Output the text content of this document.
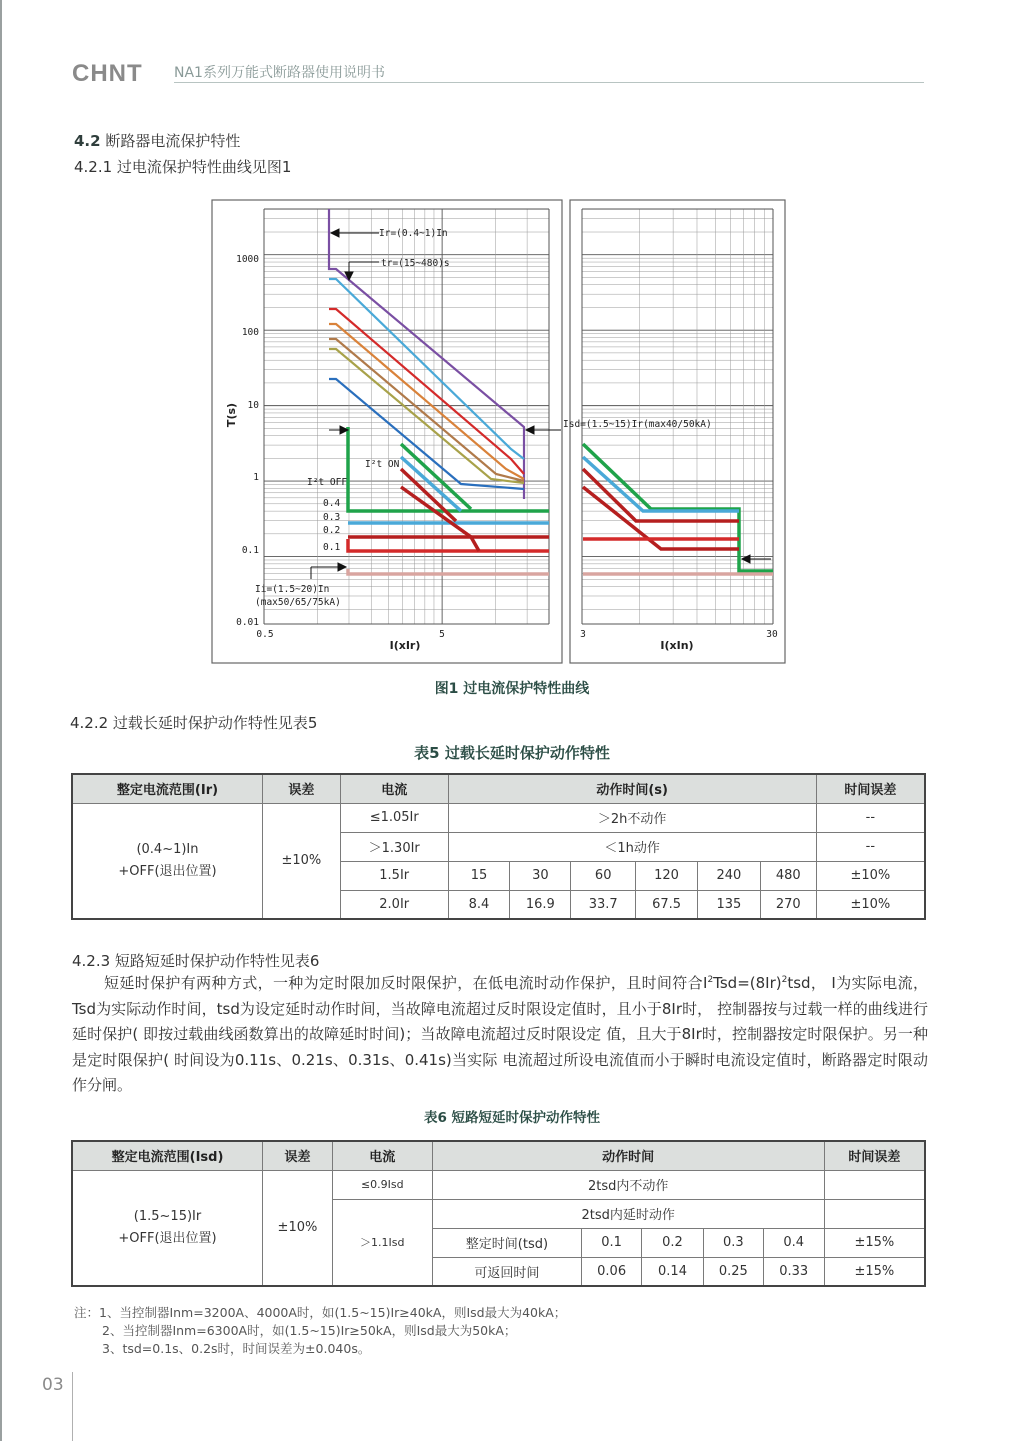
CHNT NA1系列万能式断路器使用说明书
4.2 断路器电流保护特性
4.2.1 过电流保护特性曲线见图1
Ir=(0.4~1)In
tr=(15~480)s
Isd=(1.5~15)Ir(max40/50kA)
I²t ON
I²t OFF
Ii=(1.5~20)In
(max50/65/75kA)
0.4
0.3
0.2
0.1
1000
100
10
1
0.1
0.01
0.5	5	3	30
I(xIr)	I(xIn)
T(s)
图1 过电流保护特性曲线
4.2.2 过载长延时保护动作特性见表5
表5 过载长延时保护动作特性
整定电流范围(Ir)	误差	电流	动作时间(s)						时间误差

(0.4~1)In
+OFF(退出位置)	±10%	≤1.05Ir	＞2h不动作						--
		＞1.30Ir	＜1h动作						--
		1.5Ir	15	30	60	120	240	480	±10%
		2.0Ir	8.4	16.9	33.7	67.5	135	270	±10%
4.2.3 短路短延时保护动作特性见表6
短延时保护有两种方式，一种为定时限加反时限保护，在低电流时动作保护，且时间符合$I^2Tsd=(8Ir)^2tsd$， I为实际电流，Tsd为实际动作时间，tsd为设定延时动作时间，当故障电流超过反时限设定值时，且小于8Ir时， 控制器按与过载一样的曲线进行延时保护( 即按过载曲线函数算出的故障延时时间)；当故障电流超过反时限设定 值，且大于8Ir时，控制器按定时限保护。另一种是定时限保护( 时间设为0.11s、0.21s、0.31s、0.41s)当实际 电流超过所设电流值而小于瞬时电流设定值时，断路器定时限动作分闸。
表6 短路短延时保护动作特性
整定电流范围(Isd)	误差	电流	动作时间					时间误差

(1.5~15)Ir
+OFF(退出位置)	±10%	≤0.9Isd	2tsd内不动作					
		＞1.1Isd	2tsd内延时动作					
			整定时间(tsd)	0.1	0.2	0.3	0.4	±15%
			可返回时间	0.06	0.14	0.25	0.33	±15%
注：1、当控制器Inm=3200A、4000A时，如(1.5~15)Ir≥40kA，则Isd最大为40kA；
2、当控制器Inm=6300A时，如(1.5~15)Ir≥50kA，则Isd最大为50kA；
3、tsd=0.1s、0.2s时，时间误差为±0.040s。
03
